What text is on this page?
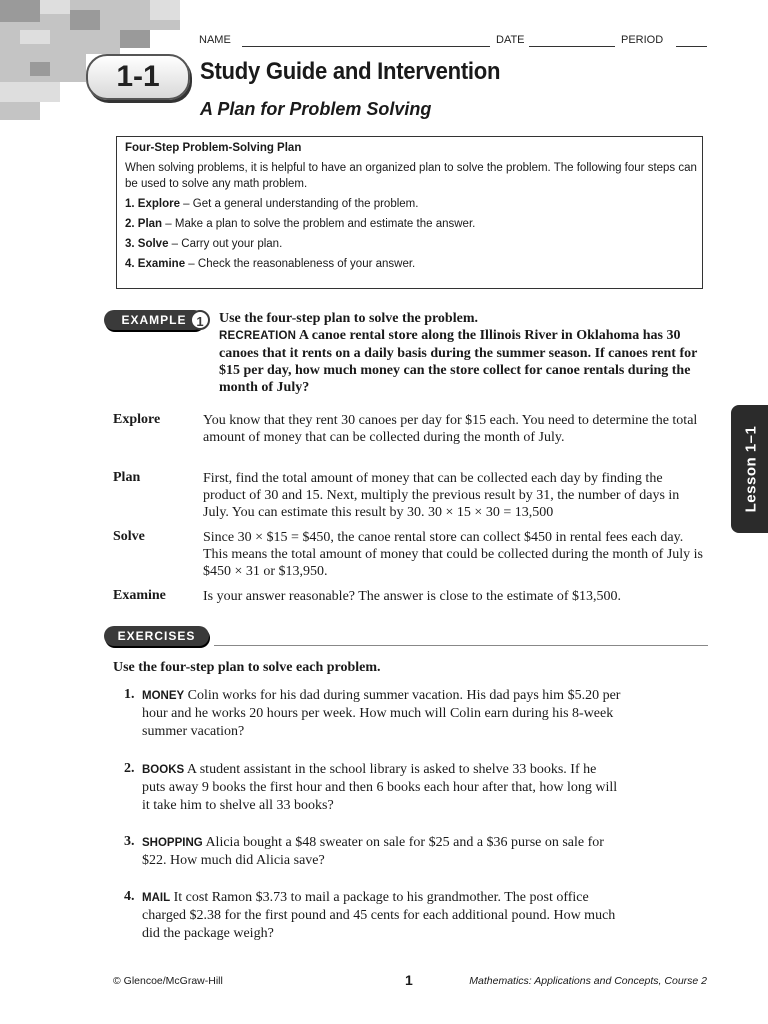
1-1
NAME	DATE	PERIOD
Study Guide and Intervention
A Plan for Problem Solving
Four-Step Problem-Solving Plan

When solving problems, it is helpful to have an organized plan to solve the problem. The following four steps can be used to solve any math problem.

1. Explore – Get a general understanding of the problem.

2. Plan – Make a plan to solve the problem and estimate the answer.

3. Solve – Carry out your plan.

4. Examine – Check the reasonableness of your answer.

EXAMPLE 1	Use the four-step plan to solve the problem.
RECREATION A canoe rental store along the Illinois River in Oklahoma has 30 canoes that it rents on a daily basis during the summer season. If canoes rent for $15 per day, how much money can the store collect for canoe rentals during the month of July?
Explore	You know that they rent 30 canoes per day for $15 each. You need to determine the total amount of money that can be collected during the month of July.
Plan	First, find the total amount of money that can be collected each day by finding the product of 30 and 15. Next, multiply the previous result by 31, the number of days in July. You can estimate this result by 30. 30 × 15 × 30 = 13,500
Solve	Since 30 × $15 = $450, the canoe rental store can collect $450 in rental fees each day. This means the total amount of money that could be collected during the month of July is $450 × 31 or $13,950.
Examine	Is your answer reasonable? The answer is close to the estimate of $13,500.
EXERCISES
Use the four-step plan to solve each problem.
1. MONEY Colin works for his dad during summer vacation. His dad pays him $5.20 per hour and he works 20 hours per week. How much will Colin earn during his 8-week summer vacation?
2. BOOKS A student assistant in the school library is asked to shelve 33 books. If he puts away 9 books the first hour and then 6 books each hour after that, how long will it take him to shelve all 33 books?
3. SHOPPING Alicia bought a $48 sweater on sale for $25 and a $36 purse on sale for $22. How much did Alicia save?
4. MAIL It cost Ramon $3.73 to mail a package to his grandmother. The post office charged $2.38 for the first pound and 45 cents for each additional pound. How much did the package weigh?
Lesson 1–1
© Glencoe/McGraw-Hill	1	Mathematics: Applications and Concepts, Course 2
